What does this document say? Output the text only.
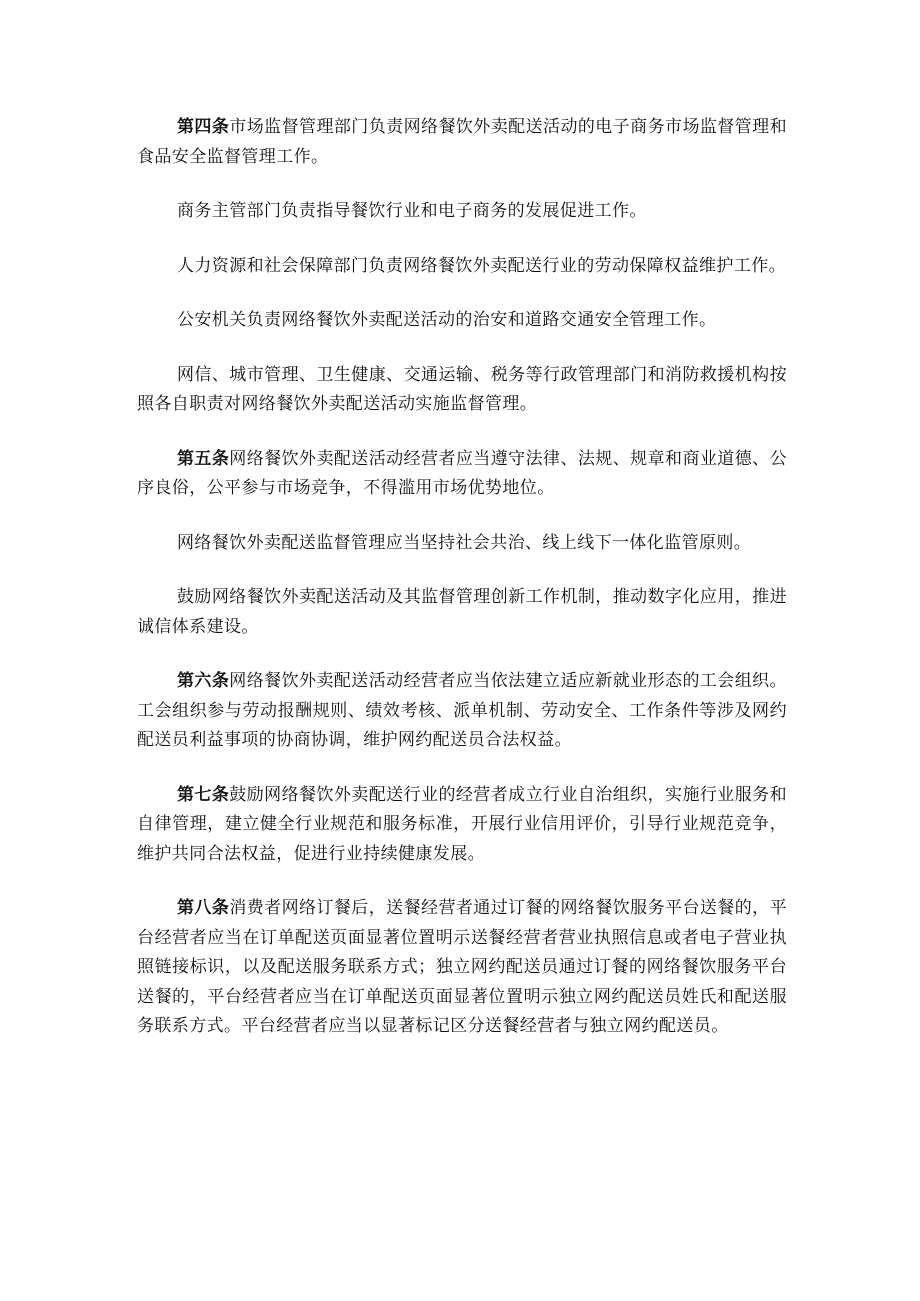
第四条市场监督管理部门负责网络餐饮外卖配送活动的电子商务市场监督管理和食品安全监督管理工作。

商务主管部门负责指导餐饮行业和电子商务的发展促进工作。

人力资源和社会保障部门负责网络餐饮外卖配送行业的劳动保障权益维护工作。

公安机关负责网络餐饮外卖配送活动的治安和道路交通安全管理工作。

网信、城市管理、卫生健康、交通运输、税务等行政管理部门和消防救援机构按照各自职责对网络餐饮外卖配送活动实施监督管理。

第五条网络餐饮外卖配送活动经营者应当遵守法律、法规、规章和商业道德、公序良俗，公平参与市场竞争，不得滥用市场优势地位。

网络餐饮外卖配送监督管理应当坚持社会共治、线上线下一体化监管原则。

鼓励网络餐饮外卖配送活动及其监督管理创新工作机制，推动数字化应用，推进诚信体系建设。

第六条网络餐饮外卖配送活动经营者应当依法建立适应新就业形态的工会组织。工会组织参与劳动报酬规则、绩效考核、派单机制、劳动安全、工作条件等涉及网约配送员利益事项的协商协调，维护网约配送员合法权益。

第七条鼓励网络餐饮外卖配送行业的经营者成立行业自治组织，实施行业服务和自律管理，建立健全行业规范和服务标准，开展行业信用评价，引导行业规范竞争，维护共同合法权益，促进行业持续健康发展。

第八条消费者网络订餐后，送餐经营者通过订餐的网络餐饮服务平台送餐的，平台经营者应当在订单配送页面显著位置明示送餐经营者营业执照信息或者电子营业执照链接标识，以及配送服务联系方式；独立网约配送员通过订餐的网络餐饮服务平台送餐的，平台经营者应当在订单配送页面显著位置明示独立网约配送员姓氏和配送服务联系方式。平台经营者应当以显著标记区分送餐经营者与独立网约配送员。
